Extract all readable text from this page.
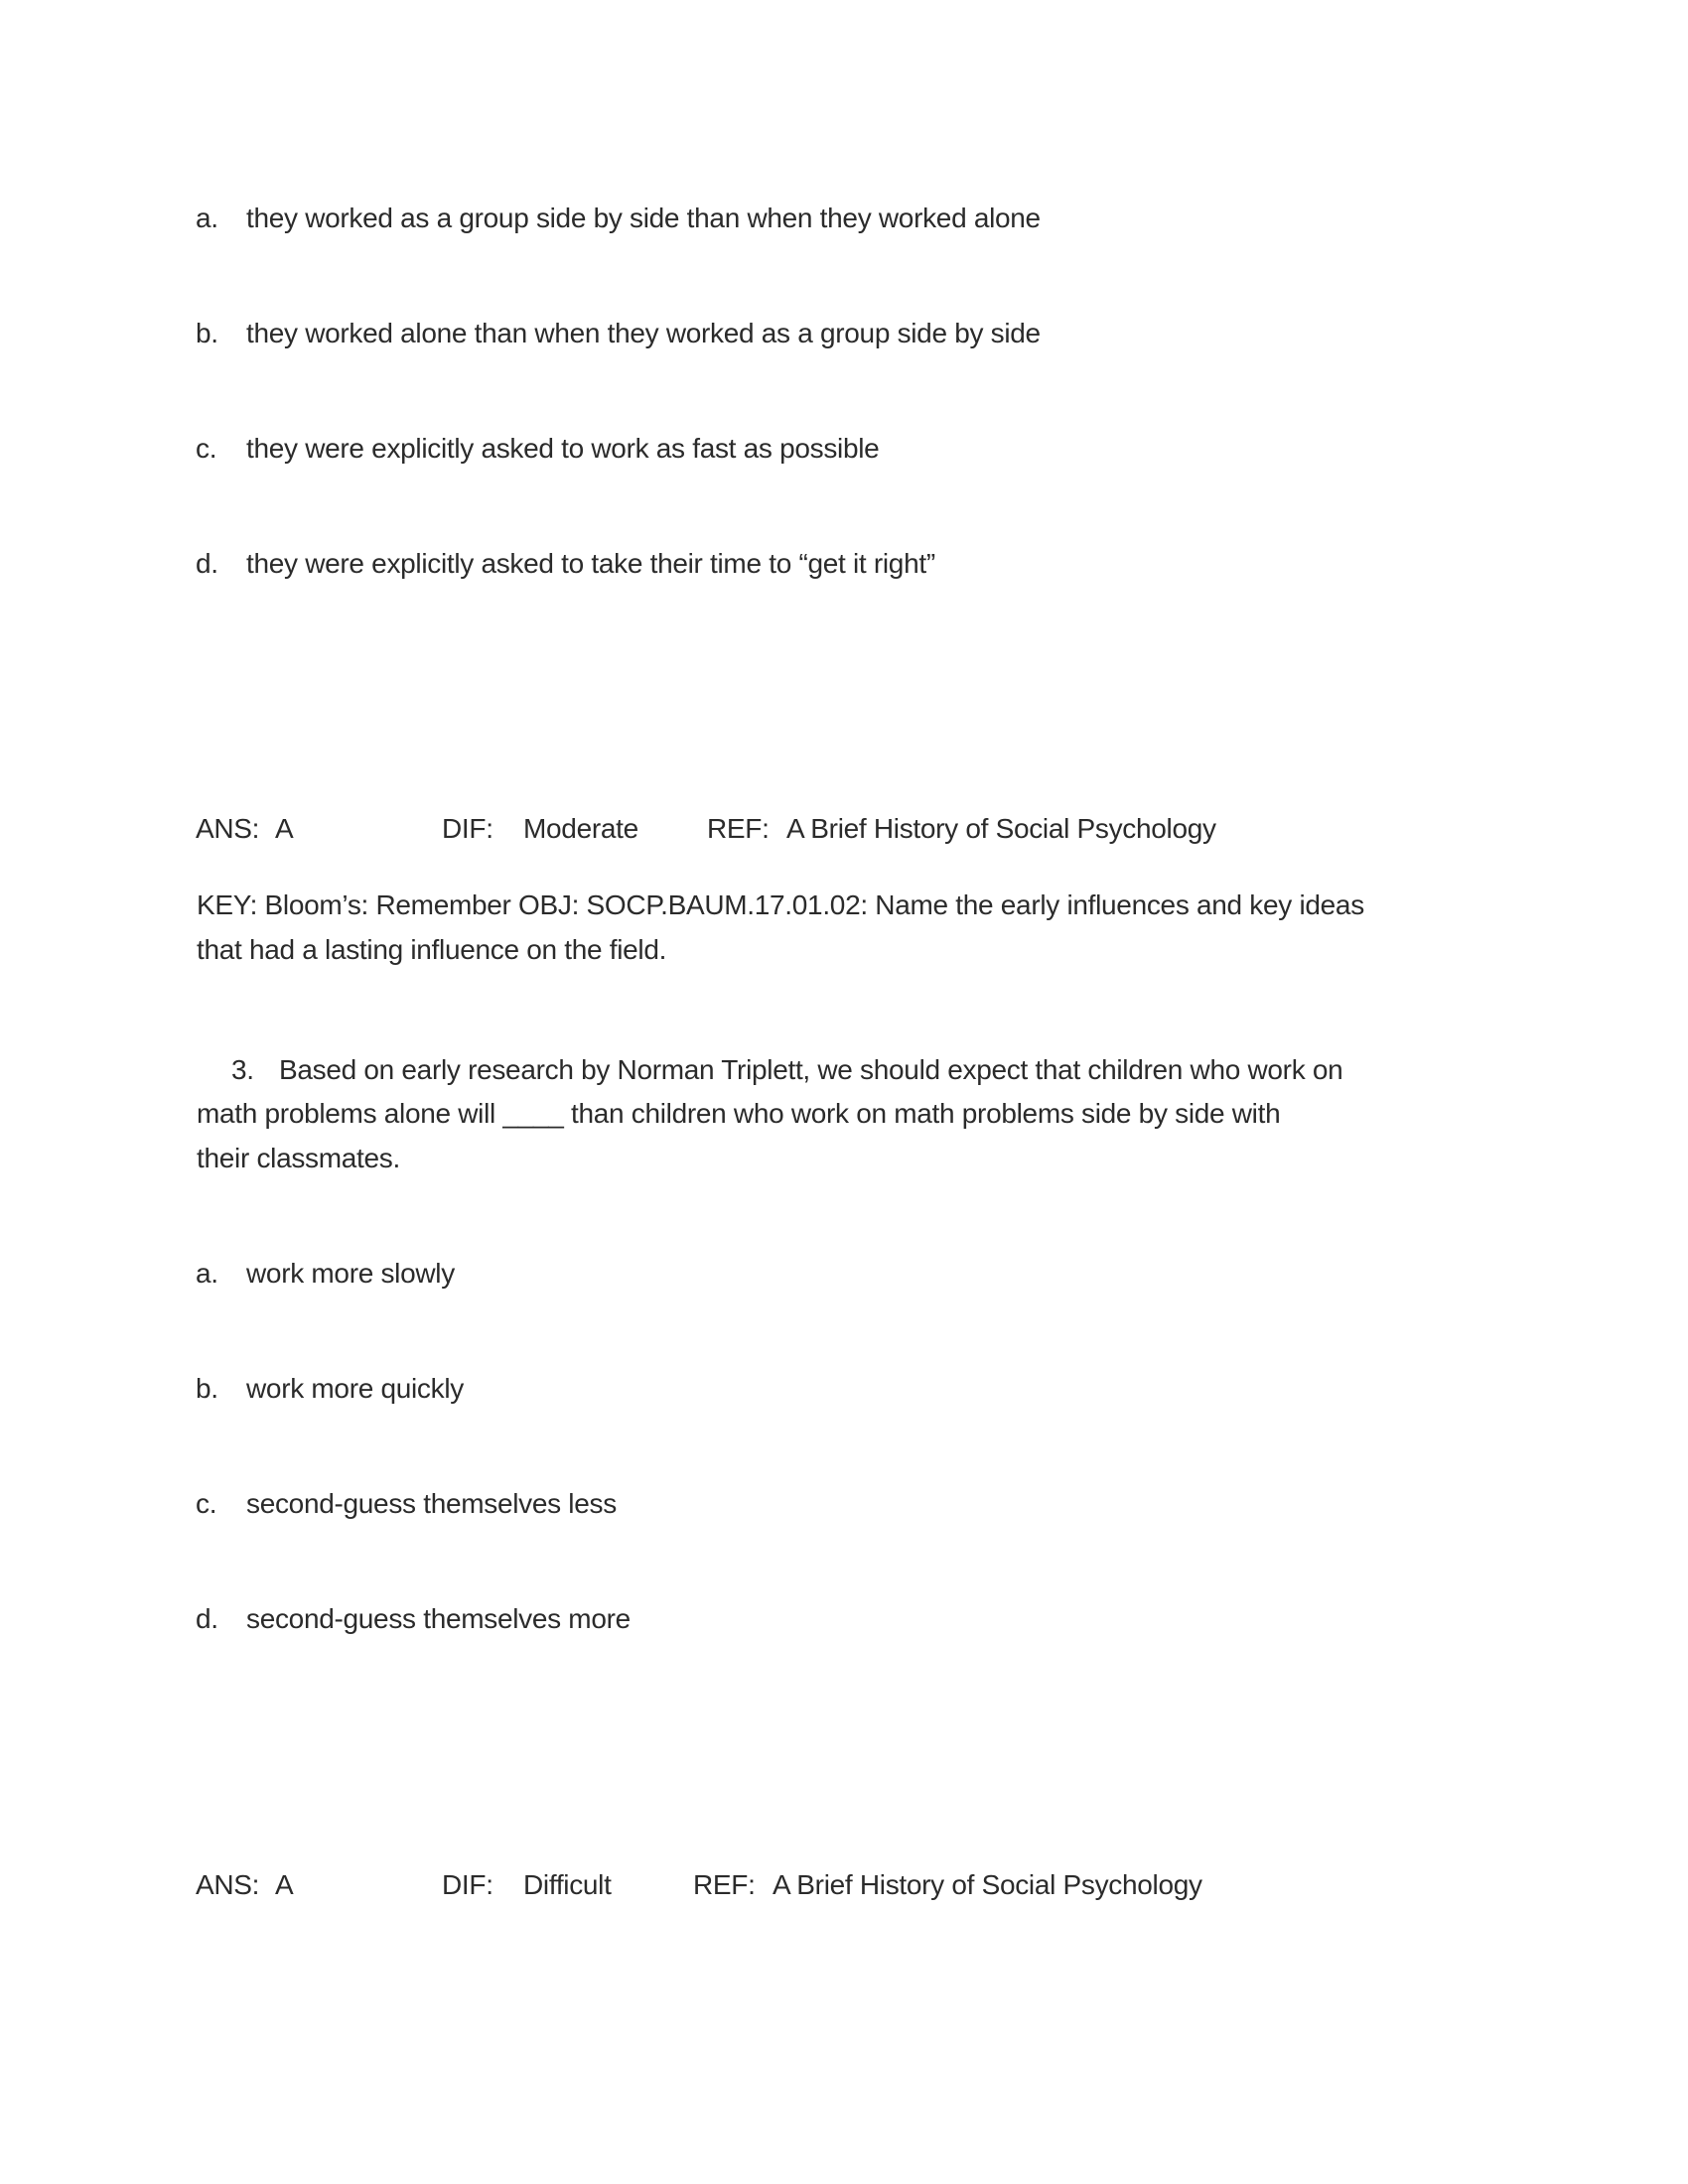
a. they worked as a group side by side than when they worked alone
b. they worked alone than when they worked as a group side by side
c. they were explicitly asked to work as fast as possible
d. they were explicitly asked to take their time to “get it right”
ANS: A	DIF: Moderate REF: A Brief History of Social Psychology
KEY: Bloom’s: Remember OBJ: SOCP.BAUM.17.01.02: Name the early influences and key ideas
that had a lasting influence on the field.
3. Based on early research by Norman Triplett, we should expect that children who work on
math problems alone will ____ than children who work on math problems side by side with
their classmates.
a. work more slowly
b. work more quickly
c. second-guess themselves less
d. second-guess themselves more
ANS: A	DIF: Difficult	REF: A Brief History of Social Psychology
